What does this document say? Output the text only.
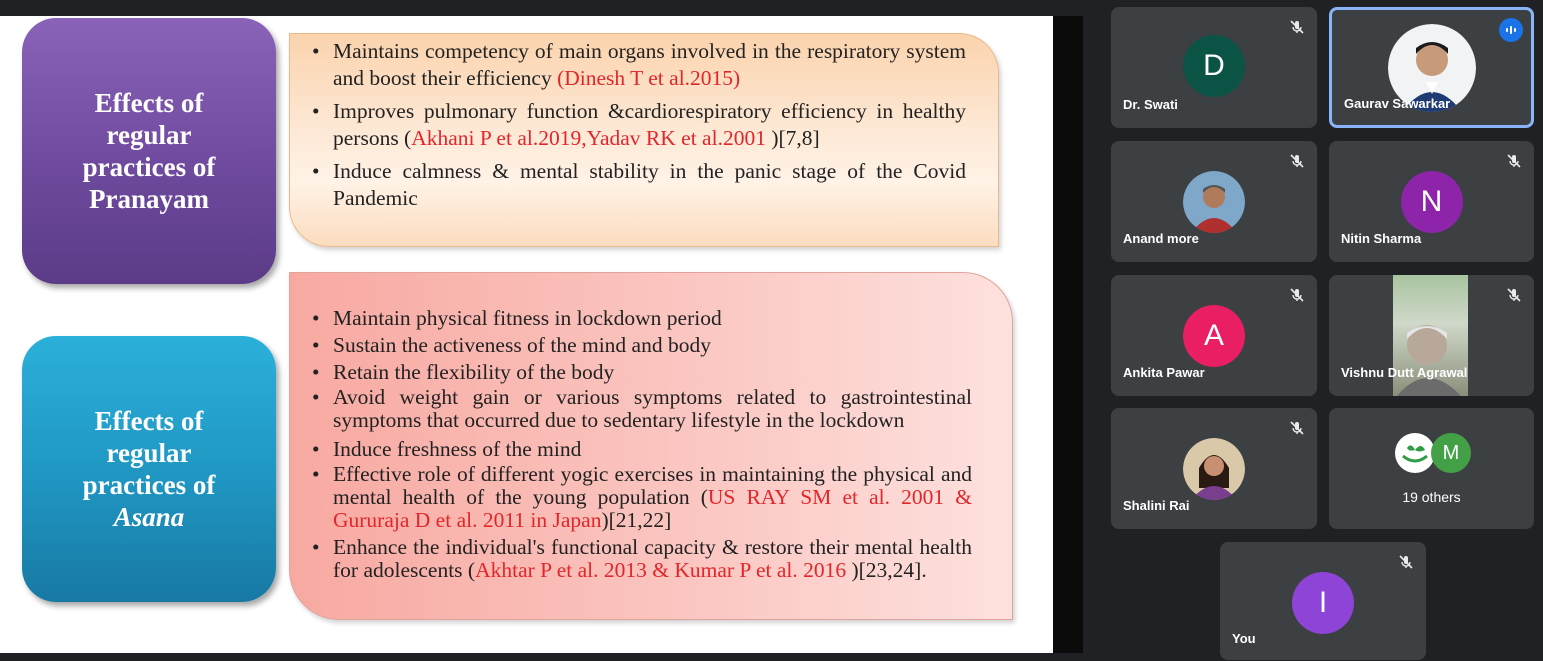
Effects of
regular
practices of
Pranayam
• Maintains competency of main organs involved in the respiratory system and boost their efficiency (Dinesh T et al.2015)
• Improves pulmonary function &cardiorespiratory efficiency in healthy persons (Akhani P et al.2019,Yadav RK et al.2001 )[7,8]
• Induce calmness & mental stability in the panic stage of the Covid Pandemic
Effects of
regular
practices of
Asana
• Maintain physical fitness in lockdown period
• Sustain the activeness of the mind and body
• Retain the flexibility of the body
• Avoid weight gain or various symptoms related to gastrointestinal symptoms that occurred due to sedentary lifestyle in the lockdown
• Induce freshness of the mind
• Effective role of different yogic exercises in maintaining the physical and mental health of the young population (US RAY SM et al. 2001 & Gururaja D et al. 2011 in Japan)[21,22]
• Enhance the individual's functional capacity & restore their mental health for adolescents (Akhtar P et al. 2013 & Kumar P et al. 2016 )[23,24].
D
Dr. Swati	Gaurav Sawarkar
Anand more
N
Nitin Sharma
A
Ankita Pawar	Vishnu Dutt Agrawal
Shalini Rai
M
19 others
I
You
